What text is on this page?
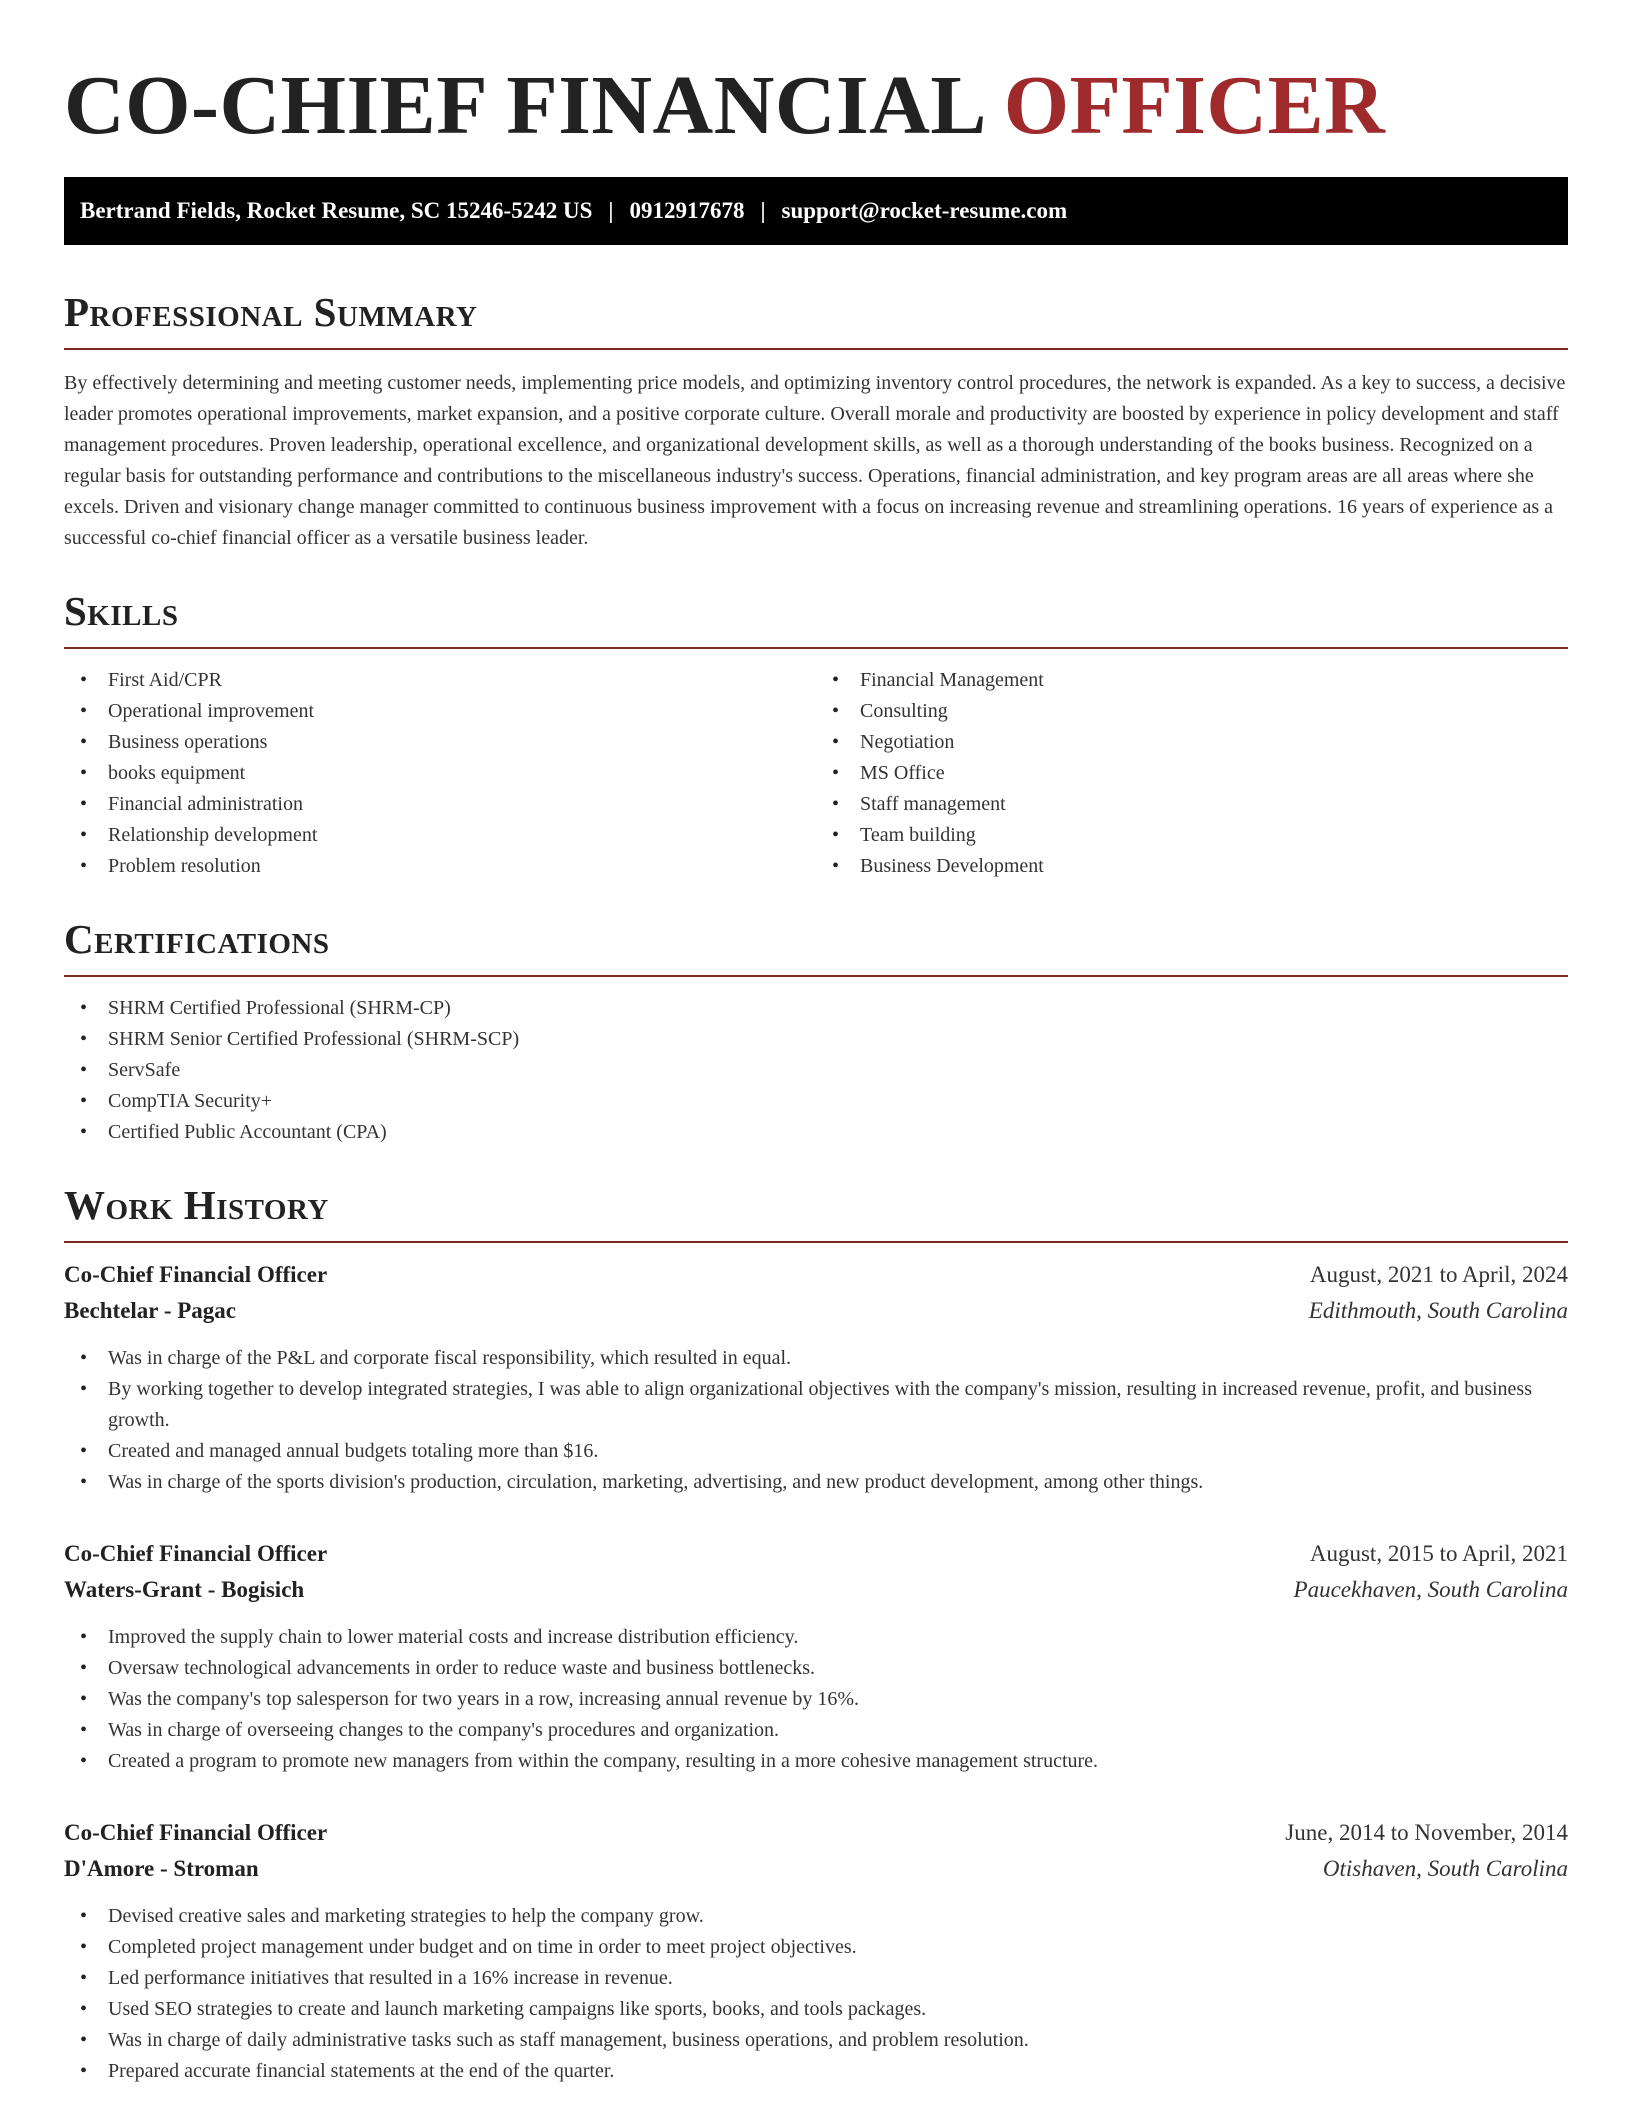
CO-CHIEF FINANCIAL OFFICER
Bertrand Fields, Rocket Resume, SC 15246-5242 US | 0912917678 | support@rocket-resume.com
Professional Summary

By effectively determining and meeting customer needs, implementing price models, and optimizing inventory control procedures, the network is expanded. As a key to success, a decisive leader promotes operational improvements, market expansion, and a positive corporate culture. Overall morale and productivity are boosted by experience in policy development and staff management procedures. Proven leadership, operational excellence, and organizational development skills, as well as a thorough understanding of the books business. Recognized on a regular basis for outstanding performance and contributions to the miscellaneous industry's success. Operations, financial administration, and key program areas are all areas where she excels. Driven and visionary change manager committed to continuous business improvement with a focus on increasing revenue and streamlining operations. 16 years of experience as a successful co-chief financial officer as a versatile business leader.

Skills
• First Aid/CPR
• Operational improvement
• Business operations
• books equipment
• Financial administration
• Relationship development
• Problem resolution
• Financial Management
• Consulting
• Negotiation
• MS Office
• Staff management
• Team building
• Business Development
Certifications
• SHRM Certified Professional (SHRM-CP)
• SHRM Senior Certified Professional (SHRM-SCP)
• ServSafe
• CompTIA Security+
• Certified Public Accountant (CPA)
Work History
Co-Chief Financial Officer	August, 2021 to April, 2024
Bechtelar - Pagac	Edithmouth, South Carolina
• Was in charge of the P&L and corporate fiscal responsibility, which resulted in equal.
• By working together to develop integrated strategies, I was able to align organizational objectives with the company's mission, resulting in increased revenue, profit, and business growth.
• Created and managed annual budgets totaling more than $16.
• Was in charge of the sports division's production, circulation, marketing, advertising, and new product development, among other things.
Co-Chief Financial Officer	August, 2015 to April, 2021
Waters-Grant - Bogisich	Paucekhaven, South Carolina
• Improved the supply chain to lower material costs and increase distribution efficiency.
• Oversaw technological advancements in order to reduce waste and business bottlenecks.
• Was the company's top salesperson for two years in a row, increasing annual revenue by 16%.
• Was in charge of overseeing changes to the company's procedures and organization.
• Created a program to promote new managers from within the company, resulting in a more cohesive management structure.
Co-Chief Financial Officer	June, 2014 to November, 2014
D'Amore - Stroman	Otishaven, South Carolina
• Devised creative sales and marketing strategies to help the company grow.
• Completed project management under budget and on time in order to meet project objectives.
• Led performance initiatives that resulted in a 16% increase in revenue.
• Used SEO strategies to create and launch marketing campaigns like sports, books, and tools packages.
• Was in charge of daily administrative tasks such as staff management, business operations, and problem resolution.
• Prepared accurate financial statements at the end of the quarter.
